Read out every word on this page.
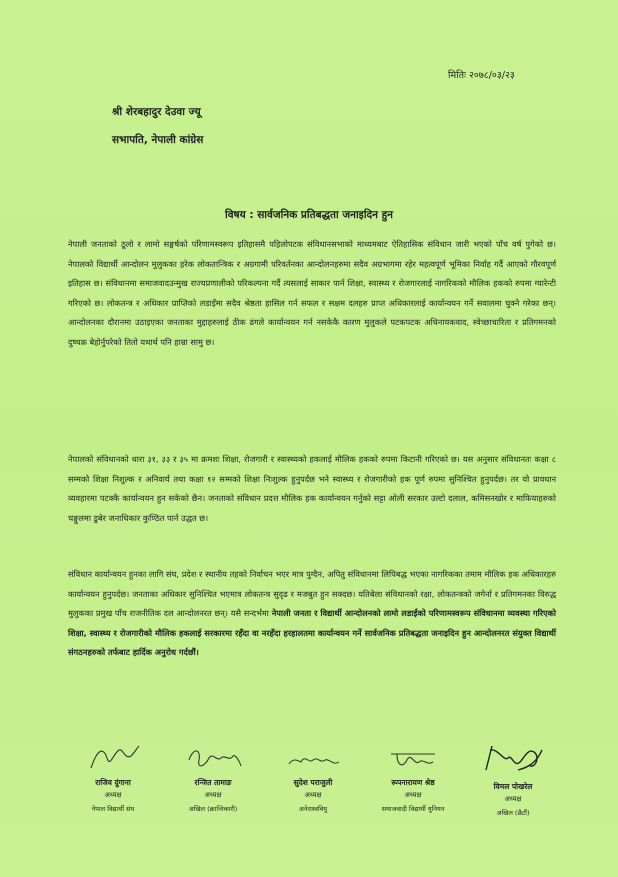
मितिः २०७८/०३/२३
श्री शेरबहादुर देउवा ज्यू
सभापति, नेपाली कांग्रेस
विषय : सार्वजनिक प्रतिबद्धता जनाइदिन हुन
नेपाली जनताको ठूलो र लामो सङ्घर्षको परिणामस्वरूप इतिहासमै पहिलोपटक संविधानसभाको माध्यमबाट ऐतिहासिक संविधान जारी भएको पाँच वर्ष पुगेको छ। नेपालको विद्यार्थी आन्दोलन मुलुकका हरेक लोकतान्त्रिक र अग्रगामी परिवर्तनका आन्दोलनहरुमा सदैव अग्रभागमा रहेर महत्वपूर्ण भूमिका निर्वाह गर्दै आएको गौरवपूर्ण इतिहास छ। संविधानमा समाजवादउन्मुख राज्यप्रणालीको परिकल्पना गर्दै त्यसलाई साकार पार्न शिक्षा, स्वास्थ्य र रोजगारलाई नागरिकको मौलिक हकको रुपमा ग्यारेन्टी गरिएको छ। लोकतन्त्र र अधिकार प्राप्तिको लडाइँमा सदैव श्रेष्ठता हासिल गर्न सफल र सक्षम दलहरु प्राप्त अधिकारलाई कार्यान्वयन गर्ने सवालमा चुक्ने गरेका छन्। आन्दोलनका दौरानमा उठाइएका जनताका मुद्दाहरुलाई ठीक ढंगले कार्यान्वयन गर्न नसकेकै कारण मुलुकले पटकपटक अधिनायकवाद, स्वेच्छाचारिता र प्रतिगमनको दुष्चक्र बेहोर्नुपरेको तितो यथार्थ पनि हाम्रा सामु छ।
नेपालको संविधानको धारा ३१, ३३ र ३५ मा क्रमशः शिक्षा, रोजगारी र स्वास्थ्यको हकलाई मौलिक हकको रुपमा किटानी गरिएको छ। यस अनुसार संविधानतः कक्षा ८ सम्मको शिक्षा निशुल्क र अनिवार्य तथा कक्षा १२ सम्मको शिक्षा निःशुल्क हुनुपर्दछ भने स्वास्थ्य र रोजगारीको हक पूर्ण रुपमा सुनिश्चित हुनुपर्दछ। तर यो प्रावधान व्यवहारमा पटक्कै कार्यान्वयन हुन सकेको छैन। जनताको संविधान प्रदत्त मौलिक हक कार्यान्वयन गर्नुको सट्टा ओली सरकार उल्टो दलाल, कमिसनखोर र माफियाहरुको चङ्गुलमा डुबेर जनाधिकार कुण्ठित पार्न उद्धत छ।
संविधान कार्यान्वयन हुनका लागि संघ, प्रदेश र स्थानीय तहको निर्वाचन भएर मात्र पुग्दैन, अपितु संविधानमा लिपिबद्ध भएका नागरिकका तमाम मौलिक हक अधिकारहरु कार्यान्वयन हुनुपर्दछ। जनताका अधिकार सुनिश्चित भएमात्र लोकतन्त्र सुदृढ र मजबुत हुन सक्दछ। यतिबेला संविधानको रक्षा, लोकतन्त्रको जगेर्ना र प्रतिगमनका विरुद्ध मुलुकका प्रमुख पाँच राजनीतिक दल आन्दोलनरत छन्। यसै सन्दर्भमा नेपाली जनता र विद्यार्थी आन्दोलनको लामो लडाईंको परिणामस्वरूप संविधानमा व्यवस्था गरिएको शिक्षा, स्वास्थ्य र रोजगारीको मौलिक हकलाई सरकारमा रहँदा वा नरहँदा हरहालतमा कार्यान्वयन गर्ने सार्वजनिक प्रतिबद्धता जनाइदिन हुन आन्दोलनरत संयुक्त विद्यार्थी संगठनहरुको तर्फबाट हार्दिक अनुरोध गर्दछौं।
राजिव दुंगाना
अध्यक्ष
नेपाल विद्यार्थी संघ
रन्जित तामाङ
अध्यक्ष
अखिल (क्रान्तिकारी)
सुदेश पराजुली
अध्यक्ष
अनेरास्ववियु
रूपनारायण श्रेष्ठ
अध्यक्ष
समाजवादी विद्यार्थी युनियन
विमल पोखरेल
अध्यक्ष
अखिल (छैटौं)
